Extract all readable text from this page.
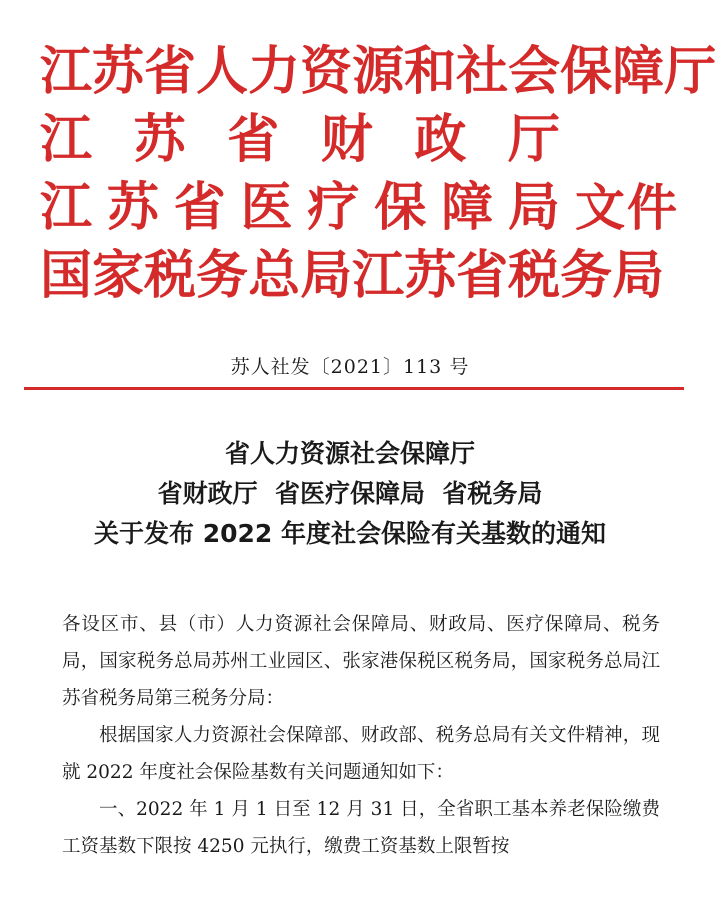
江 苏 省 人 力 资 源 和 社 会 保 障 厅
江 苏 省 财 政 厅
江 苏 省 医 疗 保 障 局
国 家 税 务 总 局 江 苏 省 税 务 局
文件
苏人社发〔2021〕113 号
省人力资源社会保障厅
省财政厅  省医疗保障局  省税务局
关于发布 2022 年度社会保险有关基数的通知
各设区市、县（市）人力资源社会保障局、财政局、医疗保障局、税务局，国家税务总局苏州工业园区、张家港保税区税务局，国家税务总局江苏省税务局第三税务分局：
根据国家人力资源社会保障部、财政部、税务总局有关文件精神，现就 2022 年度社会保险基数有关问题通知如下：
一、2022 年 1 月 1 日至 12 月 31 日，全省职工基本养老保险缴费工资基数下限按 4250 元执行，缴费工资基数上限暂按
